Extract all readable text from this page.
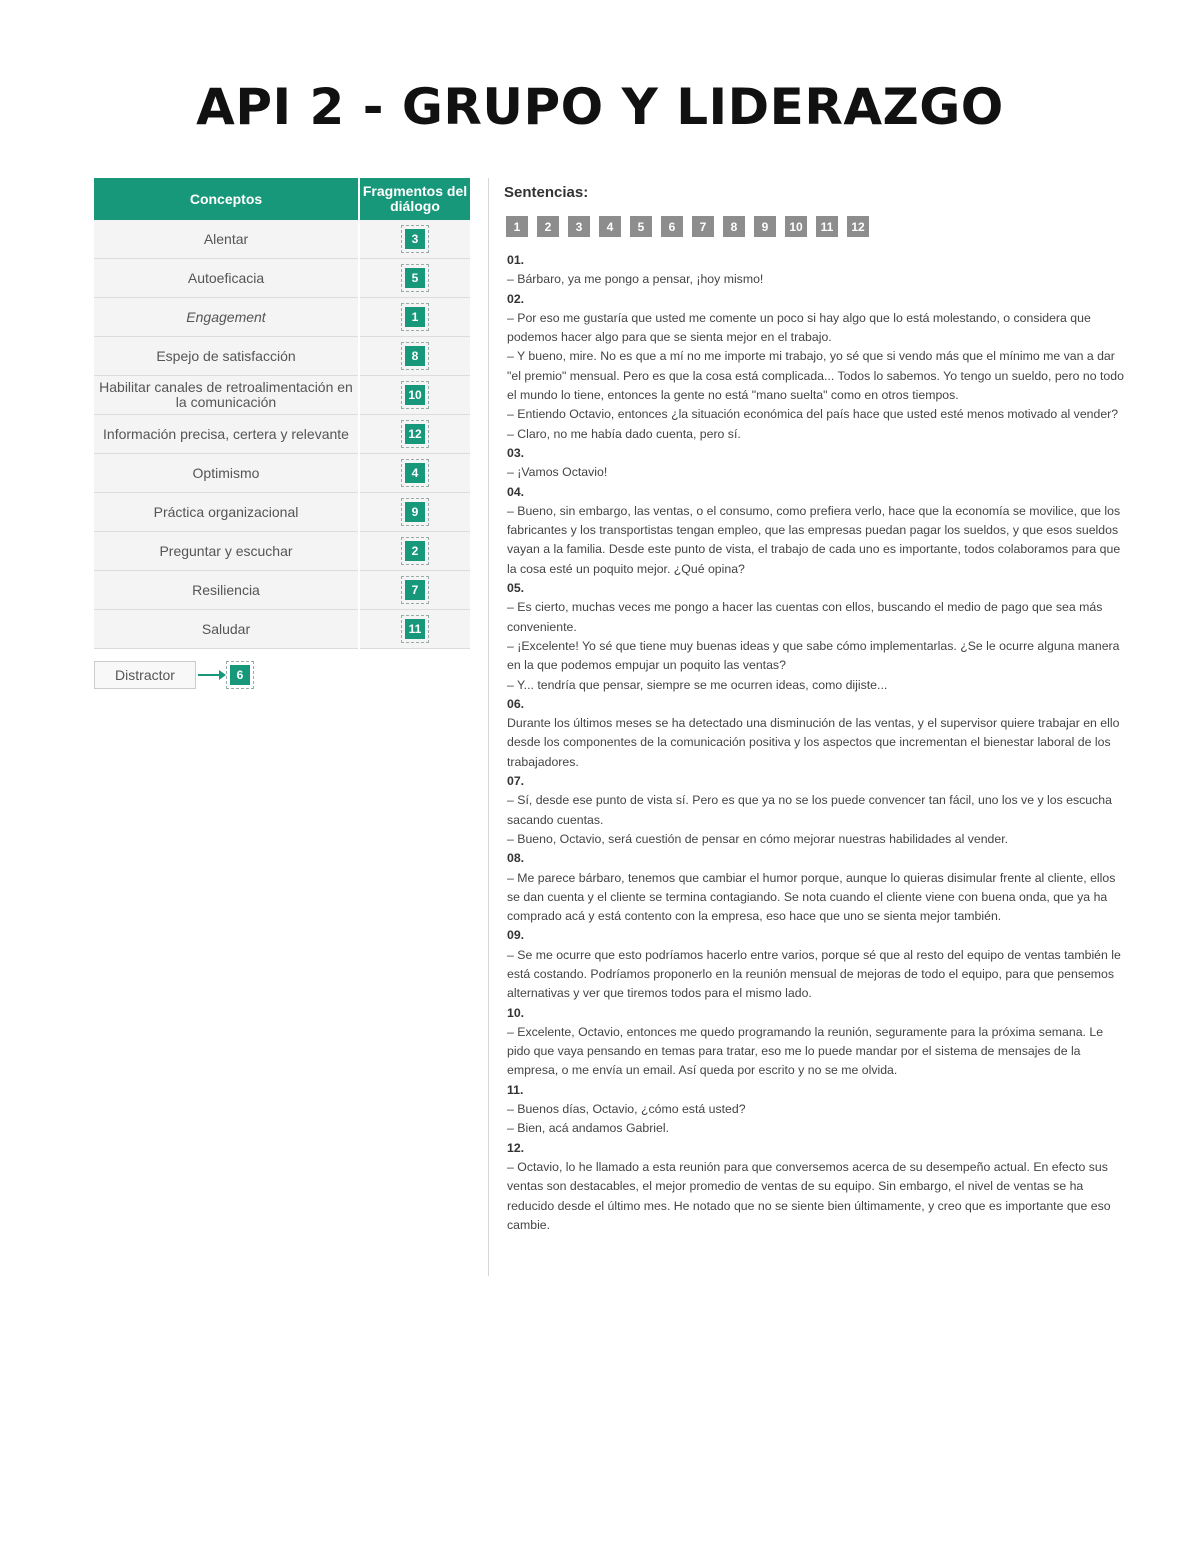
API 2 - GRUPO Y LIDERAZGO
Conceptos	Fragmentos del diálogo
Alentar	3
Autoeficacia	5
Engagement	1
Espejo de satisfacción	8
Habilitar canales de retroalimentación en la comunicación	10
Información precisa, certera y relevante	12
Optimismo	4
Práctica organizacional	9
Preguntar y escuchar	2
Resiliencia	7
Saludar	11
Distractor	6
Sentencias:
1	2	3	4	5	6	7	8	9	10	11	12

01.

– Bárbaro, ya me pongo a pensar, ¡hoy mismo!

02.

– Por eso me gustaría que usted me comente un poco si hay algo que lo está molestando, o considera que podemos hacer algo para que se sienta mejor en el trabajo.

– Y bueno, mire. No es que a mí no me importe mi trabajo, yo sé que si vendo más que el mínimo me van a dar "el premio" mensual. Pero es que la cosa está complicada... Todos lo sabemos. Yo tengo un sueldo, pero no todo el mundo lo tiene, entonces la gente no está "mano suelta" como en otros tiempos.

– Entiendo Octavio, entonces ¿la situación económica del país hace que usted esté menos motivado al vender?

– Claro, no me había dado cuenta, pero sí.

03.

– ¡Vamos Octavio!

04.

– Bueno, sin embargo, las ventas, o el consumo, como prefiera verlo, hace que la economía se movilice, que los fabricantes y los transportistas tengan empleo, que las empresas puedan pagar los sueldos, y que esos sueldos vayan a la familia. Desde este punto de vista, el trabajo de cada uno es importante, todos colaboramos para que la cosa esté un poquito mejor. ¿Qué opina?

05.

– Es cierto, muchas veces me pongo a hacer las cuentas con ellos, buscando el medio de pago que sea más conveniente.

– ¡Excelente! Yo sé que tiene muy buenas ideas y que sabe cómo implementarlas. ¿Se le ocurre alguna manera en la que podemos empujar un poquito las ventas?

– Y... tendría que pensar, siempre se me ocurren ideas, como dijiste...

06.

Durante los últimos meses se ha detectado una disminución de las ventas, y el supervisor quiere trabajar en ello desde los componentes de la comunicación positiva y los aspectos que incrementan el bienestar laboral de los trabajadores.

07.

– Sí, desde ese punto de vista sí. Pero es que ya no se los puede convencer tan fácil, uno los ve y los escucha sacando cuentas.

– Bueno, Octavio, será cuestión de pensar en cómo mejorar nuestras habilidades al vender.

08.

– Me parece bárbaro, tenemos que cambiar el humor porque, aunque lo quieras disimular frente al cliente, ellos se dan cuenta y el cliente se termina contagiando. Se nota cuando el cliente viene con buena onda, que ya ha comprado acá y está contento con la empresa, eso hace que uno se sienta mejor también.

09.

– Se me ocurre que esto podríamos hacerlo entre varios, porque sé que al resto del equipo de ventas también le está costando. Podríamos proponerlo en la reunión mensual de mejoras de todo el equipo, para que pensemos alternativas y ver que tiremos todos para el mismo lado.

10.

– Excelente, Octavio, entonces me quedo programando la reunión, seguramente para la próxima semana. Le pido que vaya pensando en temas para tratar, eso me lo puede mandar por el sistema de mensajes de la empresa, o me envía un email. Así queda por escrito y no se me olvida.

11.

– Buenos días, Octavio, ¿cómo está usted?

– Bien, acá andamos Gabriel.

12.

– Octavio, lo he llamado a esta reunión para que conversemos acerca de su desempeño actual. En efecto sus ventas son destacables, el mejor promedio de ventas de su equipo. Sin embargo, el nivel de ventas se ha reducido desde el último mes. He notado que no se siente bien últimamente, y creo que es importante que eso cambie.
